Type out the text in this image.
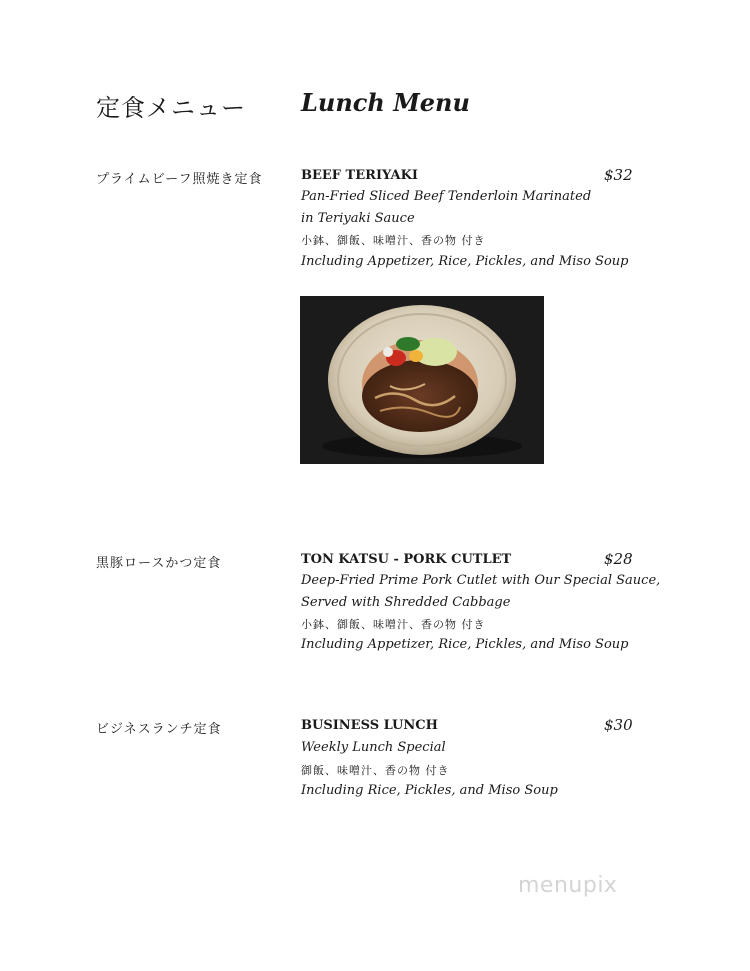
定食メニュー Lunch Menu
プライムビーフ照焼き定食	BEEF TERIYAKI	$32
Pan-Fried Sliced Beef Tenderloin Marinated
in Teriyaki Sauce
小鉢、御飯、味噌汁、香の物 付き
Including Appetizer, Rice, Pickles, and Miso Soup
黒豚ロースかつ定食	TON KATSU - PORK CUTLET	$28
Deep-Fried Prime Pork Cutlet with Our Special Sauce,
Served with Shredded Cabbage
小鉢、御飯、味噌汁、香の物 付き
Including Appetizer, Rice, Pickles, and Miso Soup
ビジネスランチ定食	BUSINESS LUNCH	$30
Weekly Lunch Special
御飯、味噌汁、香の物 付き
Including Rice, Pickles, and Miso Soup
menupix
